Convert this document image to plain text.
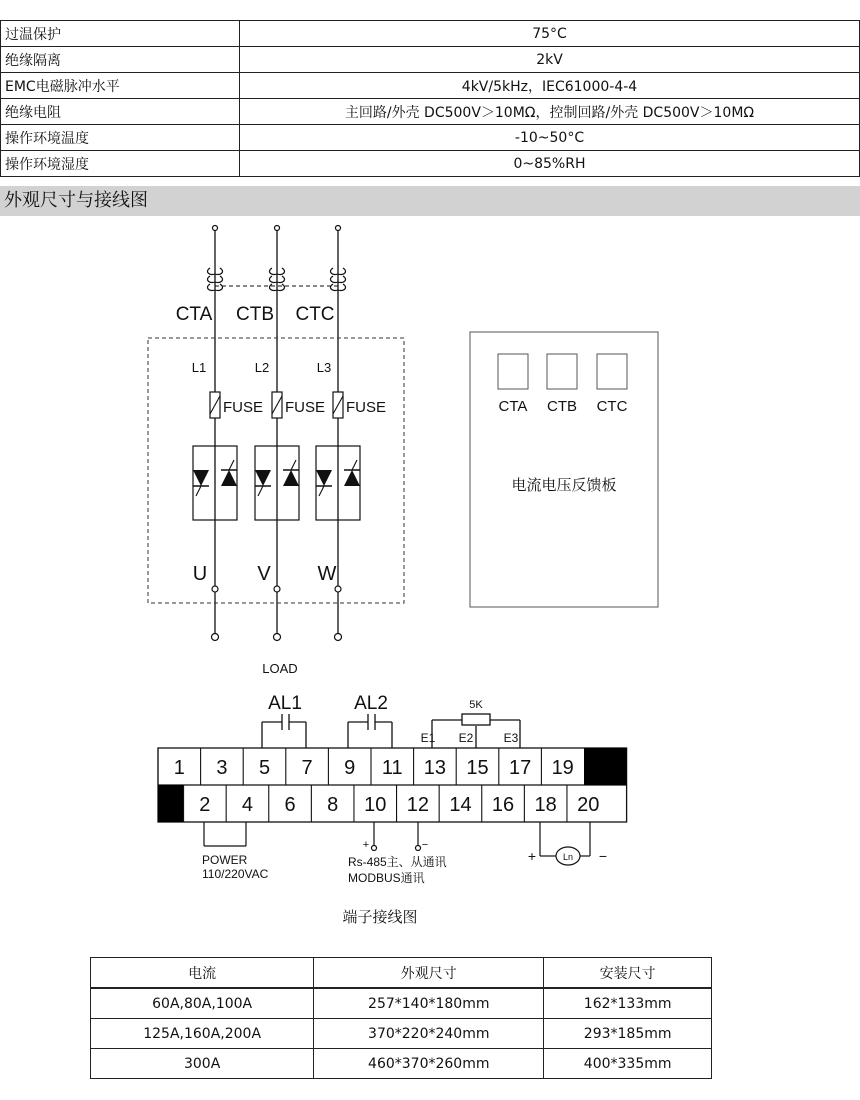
过温保护	75°C
绝缘隔离	2kV
EMC电磁脉冲水平	4kV/5kHz，IEC61000-4-4
绝缘电阻	主回路/外壳 DC500V＞10MΩ，控制回路/外壳 DC500V＞10MΩ
操作环境温度	-10~50°C
操作环境湿度	0~85%RH
外观尺寸与接线图
CTA CTB CTC
L1	L2	L3
FUSE FUSE FUSE
U	V W
LOAD
CTA CTB CTC
电流电压反馈板
AL1	AL2	5K
E1 E2	E3
1 3 5 7 9 11 13 15 17 19
2 4 6 8 10 12 14 16 18 20
Ln
+	−
+	−
POWER
110/220VAC
Rs-485主、从通讯
MODBUS通讯
端子接线图
电流	外观尺寸	安装尺寸
60A,80A,100A	257*140*180mm	162*133mm
125A,160A,200A	370*220*240mm	293*185mm
300A	460*370*260mm	400*335mm
